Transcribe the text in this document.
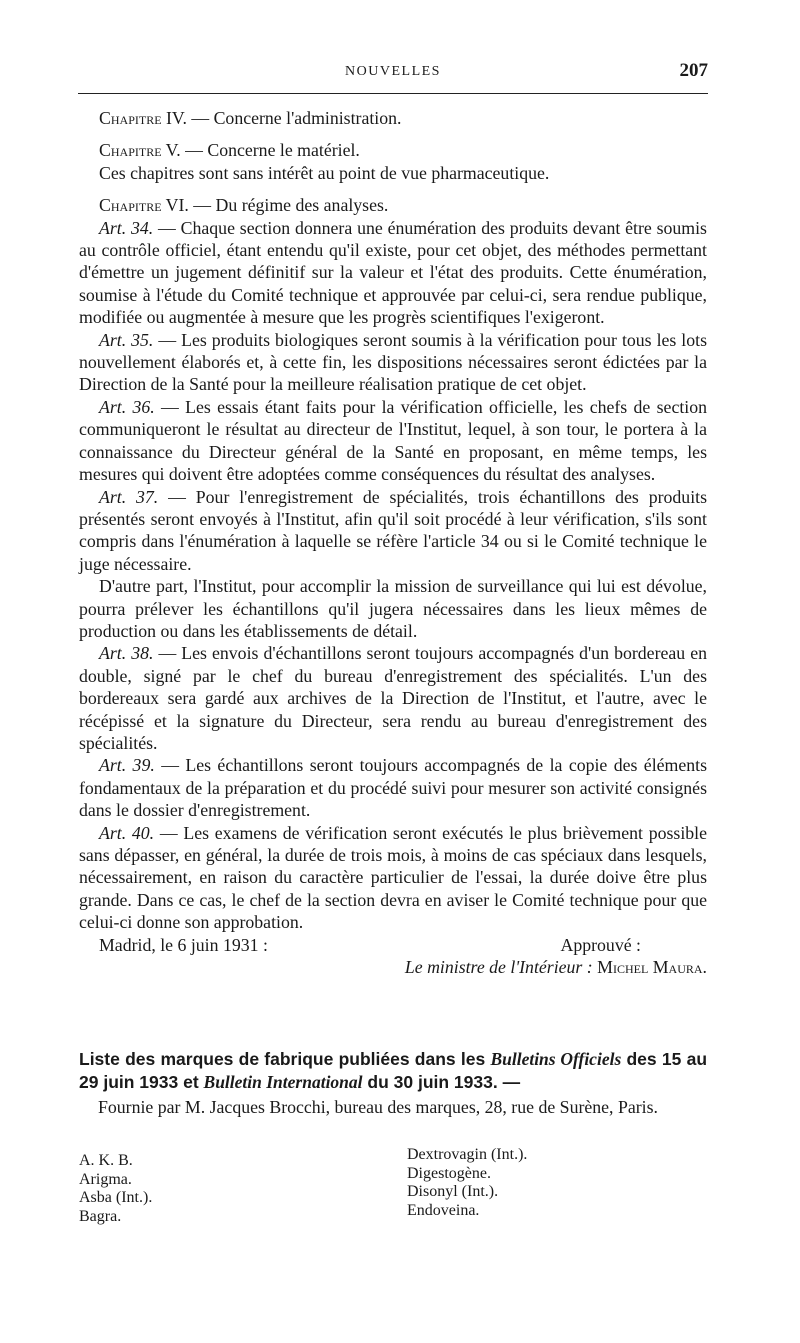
NOUVELLES	207

Chapitre IV. — Concerne l'administration.

Chapitre V. — Concerne le matériel.

Ces chapitres sont sans intérêt au point de vue pharmaceutique.

Chapitre VI. — Du régime des analyses.

Art. 34. — Chaque section donnera une énumération des produits devant être soumis au contrôle officiel, étant entendu qu'il existe, pour cet objet, des méthodes permettant d'émettre un jugement définitif sur la valeur et l'état des produits. Cette énumération, soumise à l'étude du Comité technique et approuvée par celui-ci, sera rendue publique, modifiée ou augmentée à mesure que les progrès scientifiques l'exigeront.

Art. 35. — Les produits biologiques seront soumis à la vérification pour tous les lots nouvellement élaborés et, à cette fin, les dispositions nécessaires seront édictées par la Direction de la Santé pour la meilleure réalisation pratique de cet objet.

Art. 36. — Les essais étant faits pour la vérification officielle, les chefs de section communiqueront le résultat au directeur de l'Institut, lequel, à son tour, le portera à la connaissance du Directeur général de la Santé en proposant, en même temps, les mesures qui doivent être adoptées comme conséquences du résultat des analyses.

Art. 37. — Pour l'enregistrement de spécialités, trois échantillons des produits présentés seront envoyés à l'Institut, afin qu'il soit procédé à leur vérification, s'ils sont compris dans l'énumération à laquelle se réfère l'article 34 ou si le Comité technique le juge nécessaire.

D'autre part, l'Institut, pour accomplir la mission de surveillance qui lui est dévolue, pourra prélever les échantillons qu'il jugera nécessaires dans les lieux mêmes de production ou dans les établissements de détail.

Art. 38. — Les envois d'échantillons seront toujours accompagnés d'un bordereau en double, signé par le chef du bureau d'enregistrement des spécialités. L'un des bordereaux sera gardé aux archives de la Direction de l'Institut, et l'autre, avec le récépissé et la signature du Directeur, sera rendu au bureau d'enregistrement des spécialités.

Art. 39. — Les échantillons seront toujours accompagnés de la copie des éléments fondamentaux de la préparation et du procédé suivi pour mesurer son activité consignés dans le dossier d'enregistrement.

Art. 40. — Les examens de vérification seront exécutés le plus brièvement possible sans dépasser, en général, la durée de trois mois, à moins de cas spéciaux dans lesquels, nécessairement, en raison du caractère particulier de l'essai, la durée doive être plus grande. Dans ce cas, le chef de la section devra en aviser le Comité technique pour que celui-ci donne son approbation.

Madrid, le 6 juin 1931 :	Approuvé :

Le ministre de l'Intérieur : Michel Maura.

Liste des marques de fabrique publiées dans les Bulletins Officiels des 15 au 29 juin 1933 et Bulletin International du 30 juin 1933. —
Fournie par M. Jacques Brocchi, bureau des marques, 28, rue de Surène, Paris.
A. K. B.
Arigma.
Asba (Int.).
Bagra.
Dextrovagin (Int.).
Digestogène.
Disonyl (Int.).
Endoveina.
